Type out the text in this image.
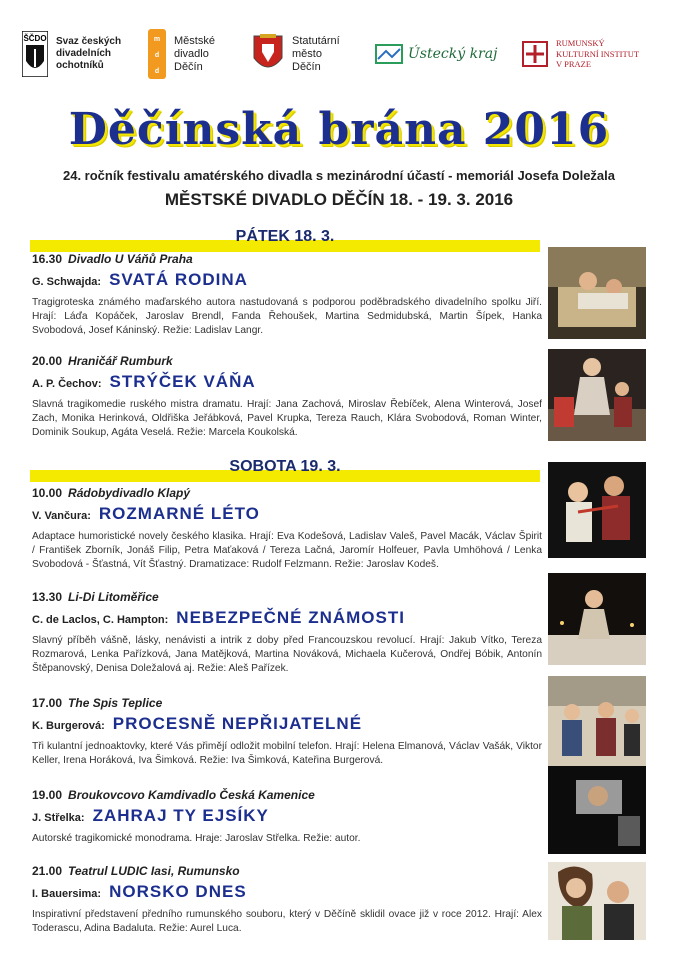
ŠČDO Svaz českých
divadelních
ochotníků
m
d
d
Městské
divadlo
Děčín
Statutární
město
Děčín
Ústecký kraj
RUMUNSKÝ
KULTURNÍ INSTITUT
V PRAZE
Děčínská brána 2016
24. ročník festivalu amatérského divadla s mezinárodní účastí - memoriál Josefa Doležala
MĚSTSKÉ DIVADLO DĚČÍN 18. - 19. 3. 2016
PÁTEK 18. 3.
16.30 Divadlo U Váňů Praha
G. Schwajda: SVATÁ RODINA
Tragigroteska známého maďarského autora nastudovaná s podporou poděbradského divadelního spolku Jiří. Hrají: Láďa Kopáček, Jaroslav Brendl, Fanda Řehoušek, Martina Sedmidubská, Martin Šípek, Hanka Svobodová, Josef Káninský. Režie: Ladislav Langr.
20.00 Hraničář Rumburk
A. P. Čechov: STRÝČEK VÁŇA
Slavná tragikomedie ruského mistra dramatu. Hrají: Jana Zachová, Miroslav Řebíček, Alena Winterová, Josef Zach, Monika Herinková, Oldřiška Jeřábková, Pavel Krupka, Tereza Rauch, Klára Svobodová, Roman Winter, Dominik Soukup, Agáta Veselá. Režie: Marcela Koukolská.
SOBOTA 19. 3.
10.00 Rádobydivadlo Klapý
V. Vančura: ROZMARNÉ LÉTO
Adaptace humoristické novely českého klasika. Hrají: Eva Kodešová, Ladislav Valeš, Pavel Macák, Václav Špirit / František Zborník, Jonáš Filip, Petra Maťaková / Tereza Lačná, Jaromír Holfeuer, Pavla Umhöhová / Lenka Svobodová - Šťastná, Vít Šťastný. Dramatizace: Rudolf Felzmann. Režie: Jaroslav Kodeš.
13.30 Li-Di Litoměřice
C. de Laclos, C. Hampton: NEBEZPEČNÉ ZNÁMOSTI
Slavný příběh vášně, lásky, nenávisti a intrik z doby před Francouzskou revolucí. Hrají: Jakub Vítko, Tereza Rozmarová, Lenka Pařízková, Jana Matějková, Martina Nováková, Michaela Kučerová, Ondřej Bóbik, Antonín Štěpanovský, Denisa Doležalová aj. Režie: Aleš Pařízek.
17.00 The Spis Teplice
K. Burgerová: PROCESNĚ NEPŘIJATELNÉ
Tři kulantní jednoaktovky, které Vás přimějí odložit mobilní telefon. Hrají: Helena Elmanová, Václav Vašák, Viktor Keller, Irena Horáková, Iva Šimková. Režie: Iva Šimková, Kateřina Burgerová.
19.00 Broukovcovo Kamdivadlo Česká Kamenice
J. Střelka: ZAHRAJ TY EJSÍKY
Autorské tragikomické monodrama. Hraje: Jaroslav Střelka. Režie: autor.
21.00 Teatrul LUDIC Iasi, Rumunsko
I. Bauersima: NORSKO DNES
Inspirativní představení předního rumunského souboru, který v Děčíně sklidil ovace již v roce 2012. Hrají: Alex Toderascu, Adina Badaluta. Režie: Aurel Luca.
